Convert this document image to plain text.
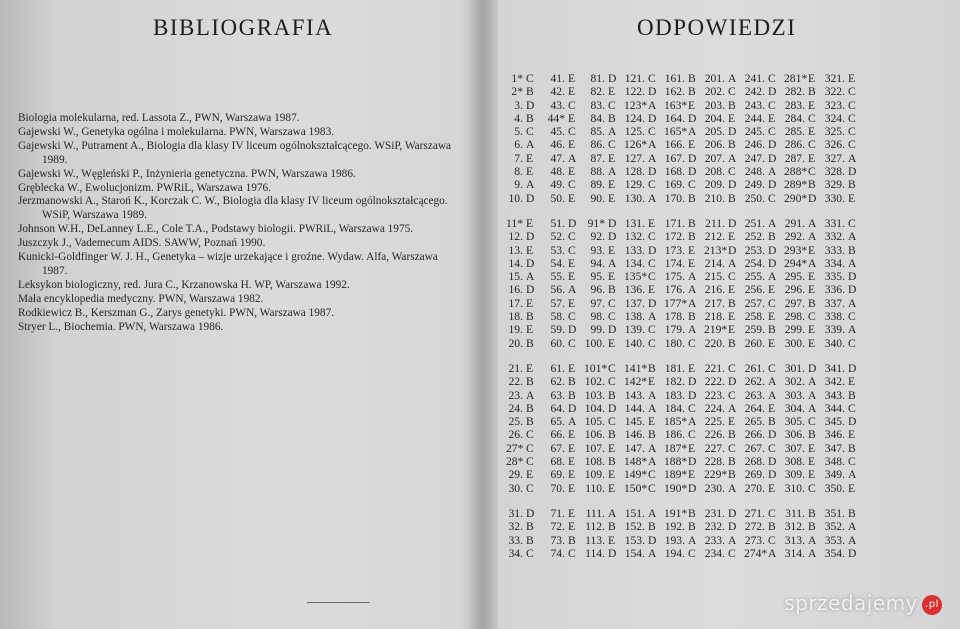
BIBLIOGRAFIA
Biologia molekularna, red. Lassota Z., PWN, Warszawa 1987.
Gajewski W., Genetyka ogólna i molekularna. PWN, Warszawa 1983.
Gajewski W., Putrament A., Biologia dla klasy IV liceum ogólnokształcącego. WSiP, Warszawa 1989.
Gajewski W., Węgleński P., Inżynieria genetyczna. PWN, Warszawa 1986.
Gręblecka W., Ewolucjonizm. PWRiL, Warszawa 1976.
Jerzmanowski A., Staroń K., Korczak C. W., Biologia dla klasy IV liceum ogólnokształcącego. WSiP, Warszawa 1989.
Johnson W.H., DeLanney L.E., Cole T.A., Podstawy biologii. PWRiL, Warszawa 1975.
Juszczyk J., Vademecum AIDS. SAWW, Poznań 1990.
Kunicki-Goldfinger W. J. H., Genetyka – wizje urzekające i groźne. Wydaw. Alfa, Warszawa 1987.
Leksykon biologiczny, red. Jura C., Krzanowska H. WP, Warszawa 1992.
Mała encyklopedia medyczny. PWN, Warszawa 1982.
Rodkiewicz B., Kerszman G., Zarys genetyki. PWN, Warszawa 1987.
Stryer L., Biochemia. PWN, Warszawa 1986.
ODPOWIEDZI
1* C 41. E 81. D 121. C 161. B 201. A 241. C 281*E 321. E
2* B 42. E 82. E 122. D 162. B 202. C 242. D 282. B 322. C
3. D 43. C 83. C 123*A 163*E 203. B 243. C 283. E 323. C
4. B 44* E 84. B 124. D 164. D 204. E 244. E 284. C 324. C
5. C 45. C 85. A 125. C 165*A 205. D 245. C 285. E 325. C
6. A 46. E 86. C 126*A 166. E 206. B 246. D 286. C 326. C
7. E 47. A 87. E 127. A 167. D 207. A 247. D 287. E 327. A
8. E 48. E 88. A 128. D 168. D 208. C 248. A 288*C 328. D
9. A 49. C 89. E 129. C 169. C 209. D 249. D 289*B 329. B
10. D 50. E 90. E 130. A 170. B 210. B 250. C 290*D 330. E
11* E 51. D 91* D 131. E 171. B 211. D 251. A 291. A 331. C
12. D 52. C 92. D 132. C 172. B 212. E 252. B 292. A 332. A
13. E 53. C 93. E 133. D 173. E 213*D 253. D 293*E 333. B
14. D 54. E 94. A 134. C 174. E 214. A 254. D 294*A 334. A
15. A 55. E 95. E 135*C 175. A 215. C 255. A 295. E 335. D
16. D 56. A 96. B 136. E 176. A 216. E 256. E 296. E 336. D
17. E 57. E 97. C 137. D 177*A 217. B 257. C 297. B 337. A
18. B 58. C 98. C 138. A 178. B 218. E 258. E 298. C 338. C
19. E 59. D 99. D 139. C 179. A 219*E 259. B 299. E 339. A
20. B 60. C 100. E 140. C 180. C 220. B 260. E 300. E 340. C
21. E 61. E 101*C 141*B 181. E 221. C 261. C 301. D 341. D
22. B 62. B 102. C 142*E 182. D 222. D 262. A 302. A 342. E
23. A 63. B 103. B 143. A 183. D 223. C 263. A 303. A 343. B
24. B 64. D 104. D 144. A 184. C 224. A 264. E 304. A 344. C
25. B 65. A 105. C 145. E 185*A 225. E 265. B 305. C 345. D
26. C 66. E 106. B 146. B 186. C 226. B 266. D 306. B 346. E
27* C 67. E 107. E 147. A 187*E 227. C 267. C 307. E 347. B
28* C 68. E 108. B 148*A 188*D 228. B 268. D 308. E 348. C
29. E 69. E 109. E 149*C 189*E 229*B 269. D 309. E 349. A
30. C 70. E 110. E 150*C 190*D 230. A 270. E 310. C 350. E
31. D 71. E 111. A 151. A 191*B 231. D 271. C 311. B 351. B
32. B 72. E 112. B 152. B 192. B 232. D 272. B 312. B 352. A
33. B 73. B 113. E 153. D 193. A 233. A 273. C 313. A 353. A
34. C 74. C 114. D 154. A 194. C 234. C 274*A 314. A 354. D
sprzedajemy .pl
